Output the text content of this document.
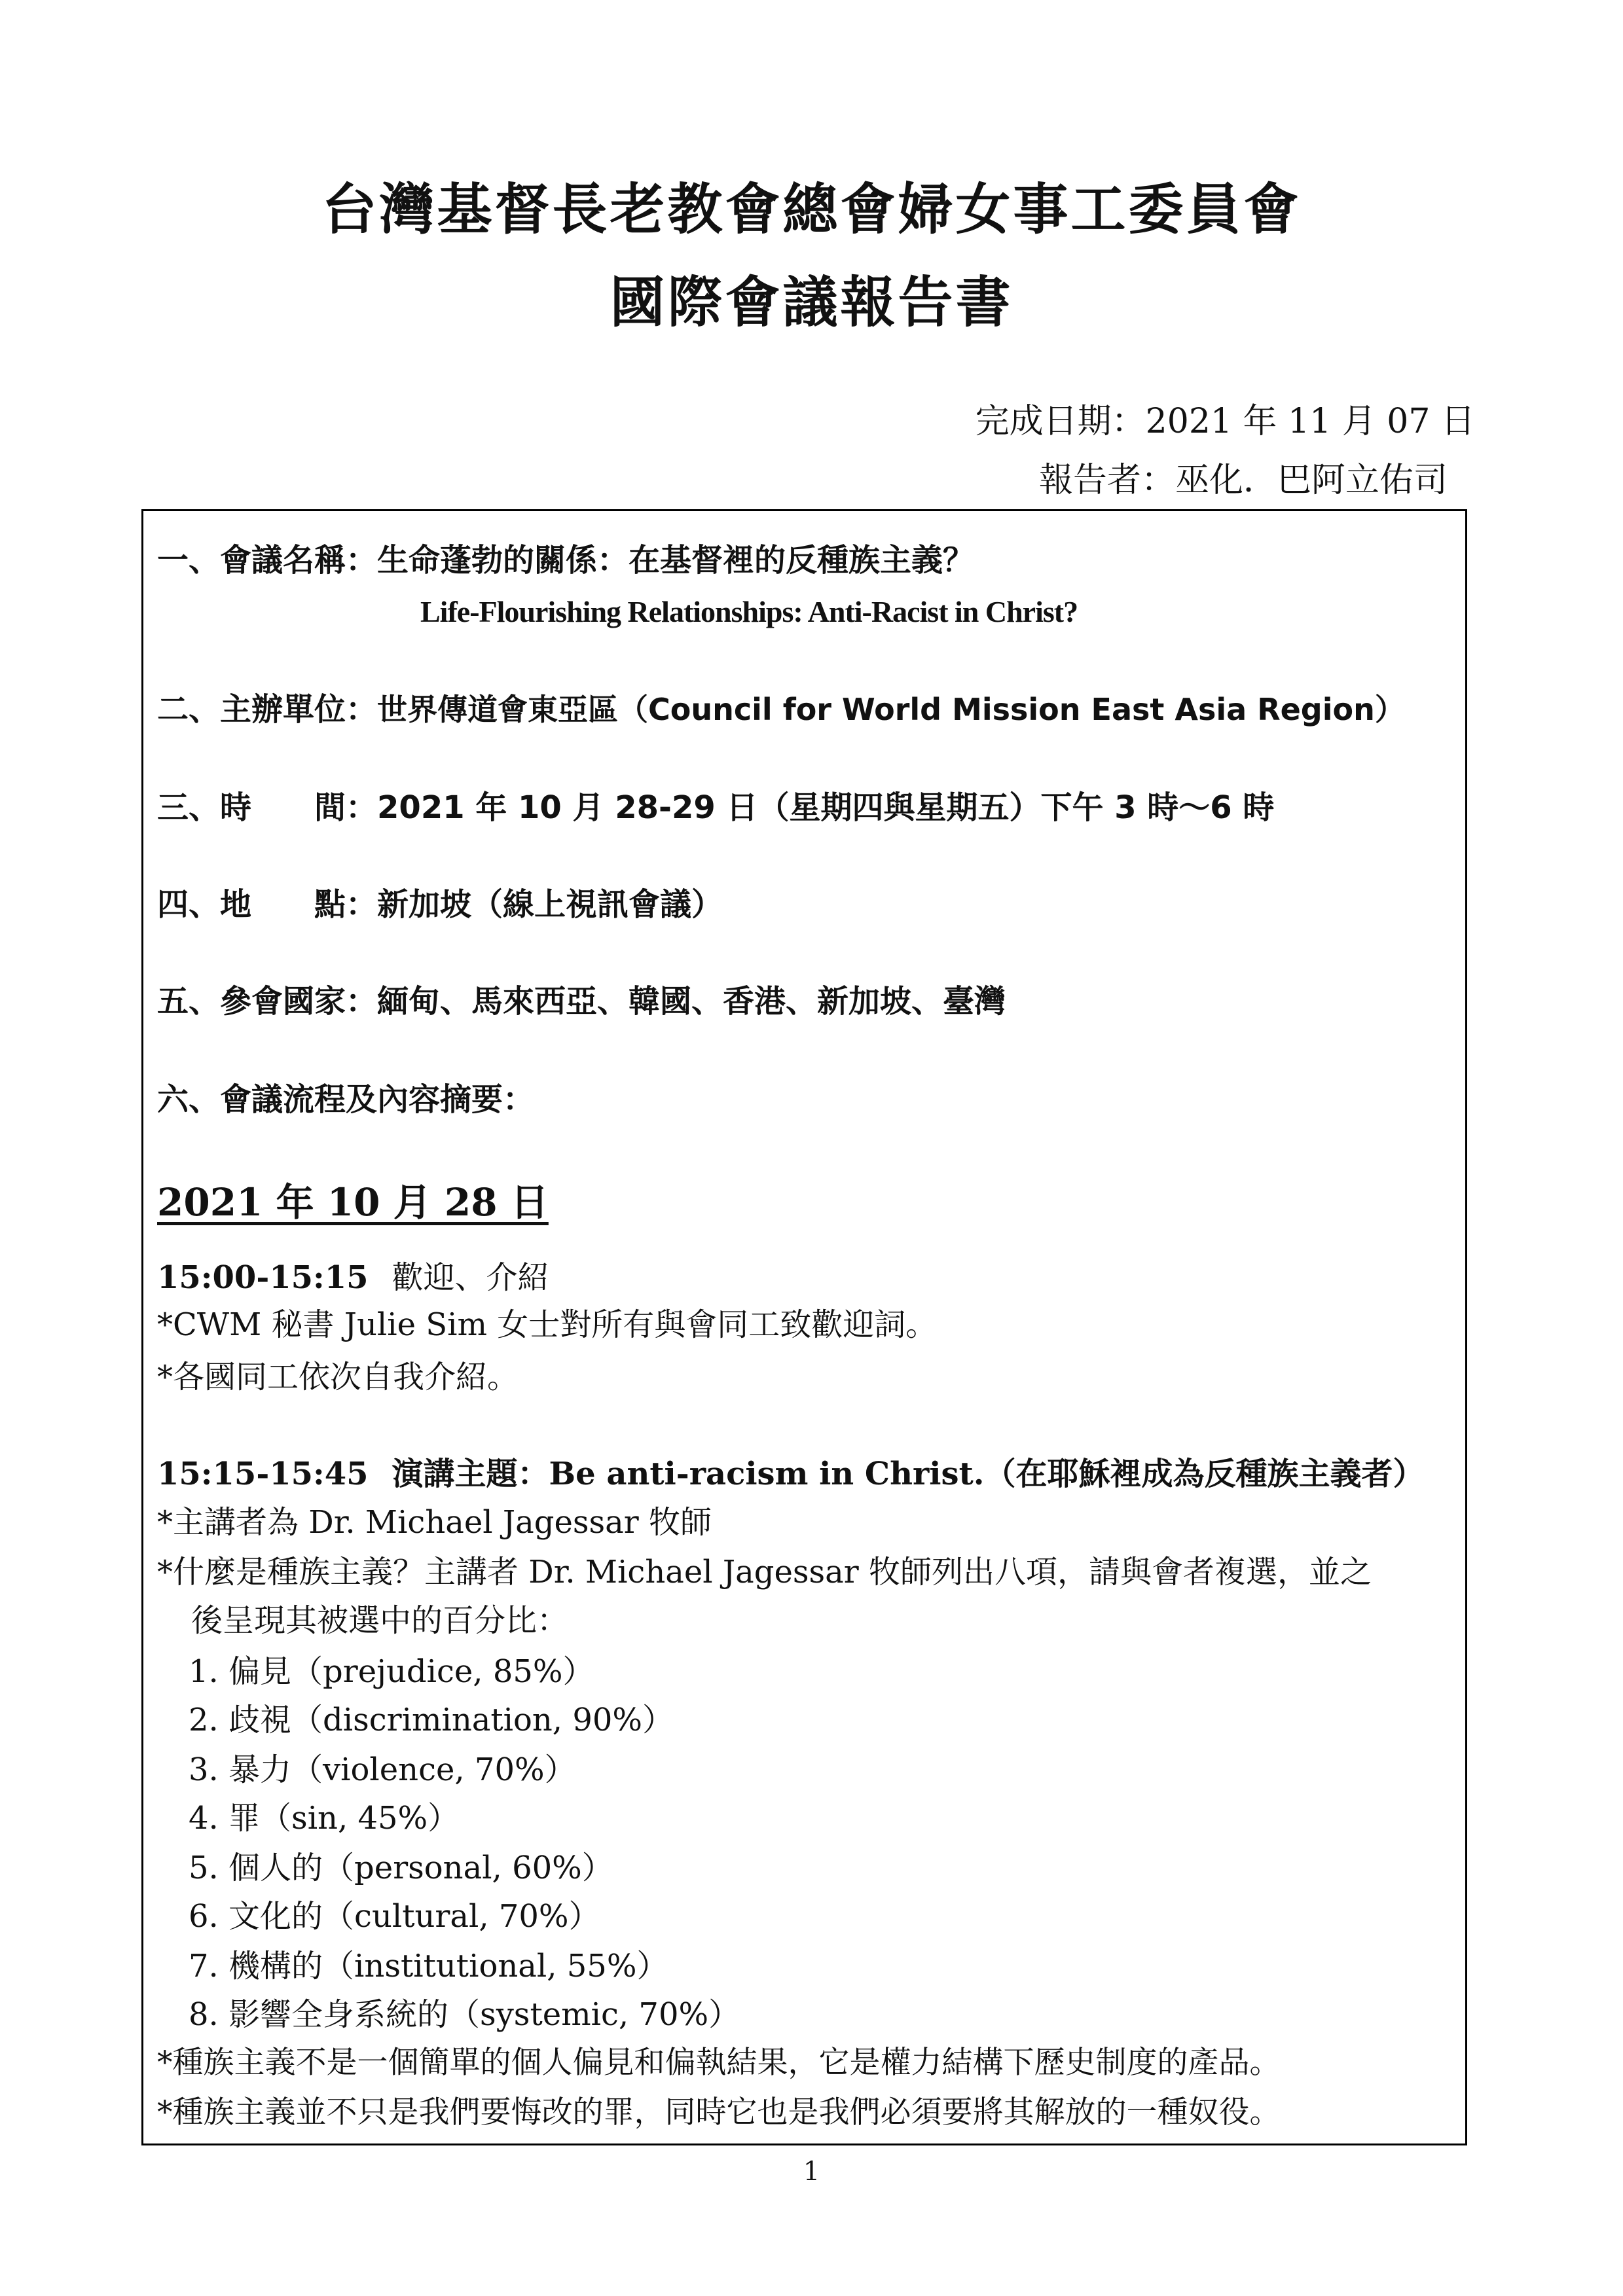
台灣基督長老教會總會婦女事工委員會
國際會議報告書
完成日期：2021 年 11 月 07 日
報告者：巫化．巴阿立佑司
一、會議名稱：生命蓬勃的關係：在基督裡的反種族主義？
Life-Flourishing Relationships: Anti-Racist in Christ?
二、主辦單位：世界傳道會東亞區（Council for World Mission East Asia Region）
三、時　　間：2021 年 10 月 28-29 日（星期四與星期五）下午 3 時～6 時
四、地　　點：新加坡（線上視訊會議）
五、參會國家：緬甸、馬來西亞、韓國、香港、新加坡、臺灣
六、會議流程及內容摘要：
2021 年 10 月 28 日
15:00-15:15 歡迎、介紹
*CWM 秘書 Julie Sim 女士對所有與會同工致歡迎詞。
*各國同工依次自我介紹。
15:15-15:45 演講主題：Be anti-racism in Christ.（在耶穌裡成為反種族主義者）
*主講者為 Dr. Michael Jagessar 牧師
*什麼是種族主義？主講者 Dr. Michael Jagessar 牧師列出八項，請與會者複選，並之
後呈現其被選中的百分比：
1. 偏見（prejudice, 85%）
2. 歧視（discrimination, 90%）
3. 暴力（violence, 70%）
4. 罪（sin, 45%）
5. 個人的（personal, 60%）
6. 文化的（cultural, 70%）
7. 機構的（institutional, 55%）
8. 影響全身系統的（systemic, 70%）
*種族主義不是一個簡單的個人偏見和偏執結果，它是權力結構下歷史制度的產品。
*種族主義並不只是我們要悔改的罪，同時它也是我們必須要將其解放的一種奴役。
1
